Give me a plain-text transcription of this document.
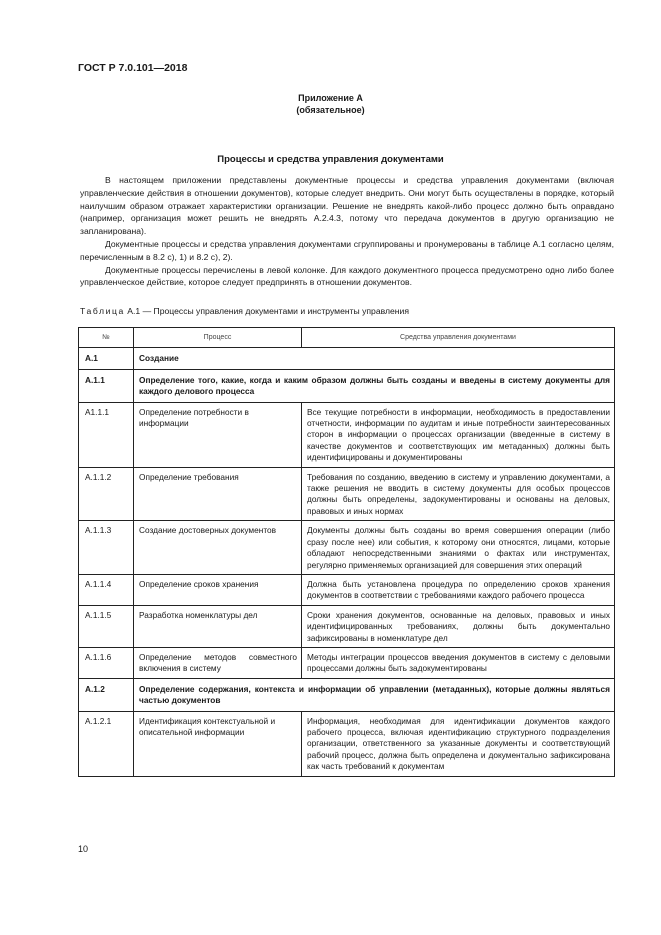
ГОСТ Р 7.0.101—2018
Приложение А
(обязательное)
Процессы и средства управления документами

В настоящем приложении представлены документные процессы и средства управления документами (включая управленческие действия в отношении документов), которые следует внедрить. Они могут быть осуществлены в порядке, который наилучшим образом отражает характеристики организации. Решение не внедрять какой-либо процесс должно быть оправдано (например, организация может решить не внедрять А.2.4.3, потому что передача документов в другую организацию не запланирована).

Документные процессы и средства управления документами сгруппированы и пронумерованы в таблице А.1 согласно целям, перечисленным в 8.2 c), 1) и 8.2 c), 2).

Документные процессы перечислены в левой колонке. Для каждого документного процесса предусмотрено одно либо более управленческое действие, которое следует предпринять в отношении документов.

Таблица А.1 — Процессы управления документами и инструменты управления
№	Процесс	Средства управления документами
А.1	Создание	
А.1.1	Определение того, какие, когда и каким образом должны быть созданы и введены в систему документы для каждого делового процесса	
А1.1.1	Определение потребности в информации	Все текущие потребности в информации, необходимость в предоставлении отчетности, информации по аудитам и иные потребности заинтересованных сторон в информации о процессах организации (введенные в систему в качестве документов и соответствующих им метаданных) должны быть идентифицированы и документированы
А.1.1.2	Определение требования	Требования по созданию, введению в систему и управлению документами, а также решения не вводить в систему документы для особых процессов должны быть определены, задокументированы и основаны на деловых, правовых и иных нормах
А.1.1.3	Создание достоверных документов	Документы должны быть созданы во время совершения операции (либо сразу после нее) или события, к которому они относятся, лицами, которые обладают непосредственными знаниями о фактах или инструментах, регулярно применяемых организацией для совершения этих операций
А.1.1.4	Определение сроков хранения	Должна быть установлена процедура по определению сроков хранения документов в соответствии с требованиями каждого рабочего процесса
А.1.1.5	Разработка номенклатуры дел	Сроки хранения документов, основанные на деловых, правовых и иных идентифицированных требованиях, должны быть документально зафиксированы в номенклатуре дел
А.1.1.6	Определение методов совместного включения в систему	Методы интеграции процессов введения документов в систему с деловыми процессами должны быть задокументированы
А.1.2	Определение содержания, контекста и информации об управлении (метаданных), которые должны являться частью документов	
А.1.2.1	Идентификация контекстуальной и описательной информации	Информация, необходимая для идентификации документов каждого рабочего процесса, включая идентификацию структурного подразделения организации, ответственного за указанные документы и соответствующий рабочий процесс, должна быть определена и документально зафиксирована как часть требований к документам
10
